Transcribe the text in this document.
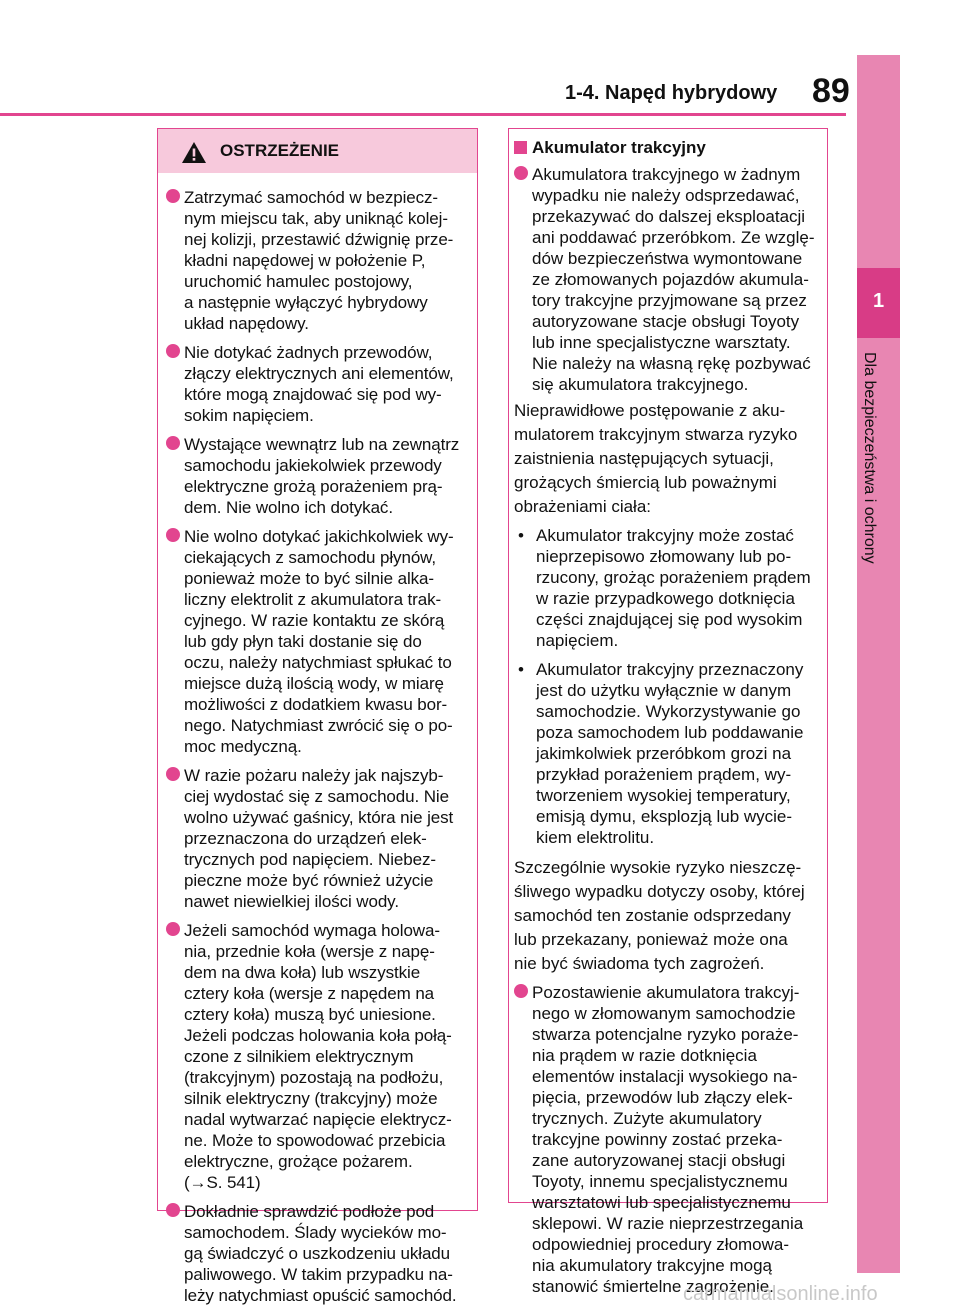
1-4. Napęd hybrydowy 89
1
Dla bezpieczeństwa i ochrony
OSTRZEŻENIE
Zatrzymać samochód w bezpiecz-
nym miejscu tak, aby uniknąć kolej-
nej kolizji, przestawić dźwignię prze-
kładni napędowej w położenie P,
uruchomić hamulec postojowy,
a następnie wyłączyć hybrydowy
układ napędowy.
Nie dotykać żadnych przewodów,
złączy elektrycznych ani elementów,
które mogą znajdować się pod wy-
sokim napięciem.
Wystające wewnątrz lub na zewnątrz
samochodu jakiekolwiek przewody
elektryczne grożą porażeniem prą-
dem. Nie wolno ich dotykać.
Nie wolno dotykać jakichkolwiek wy-
ciekających z samochodu płynów,
ponieważ może to być silnie alka-
liczny elektrolit z akumulatora trak-
cyjnego. W razie kontaktu ze skórą
lub gdy płyn taki dostanie się do
oczu, należy natychmiast spłukać to
miejsce dużą ilością wody, w miarę
możliwości z dodatkiem kwasu bor-
nego. Natychmiast zwrócić się o po-
moc medyczną.
W razie pożaru należy jak najszyb-
ciej wydostać się z samochodu. Nie
wolno używać gaśnicy, która nie jest
przeznaczona do urządzeń elek-
trycznych pod napięciem. Niebez-
pieczne może być również użycie
nawet niewielkiej ilości wody.
Jeżeli samochód wymaga holowa-
nia, przednie koła (wersje z napę-
dem na dwa koła) lub wszystkie
cztery koła (wersje z napędem na
cztery koła) muszą być uniesione.
Jeżeli podczas holowania koła połą-
czone z silnikiem elektrycznym
(trakcyjnym) pozostają na podłożu,
silnik elektryczny (trakcyjny) może
nadal wytwarzać napięcie elektrycz-
ne. Może to spowodować przebicia
elektryczne, grożące pożarem.
(→S. 541)
Dokładnie sprawdzić podłoże pod
samochodem. Ślady wycieków mo-
gą świadczyć o uszkodzeniu układu
paliwowego. W takim przypadku na-
leży natychmiast opuścić samochód.
Akumulator trakcyjny
Akumulatora trakcyjnego w żadnym
wypadku nie należy odsprzedawać,
przekazywać do dalszej eksploatacji
ani poddawać przeróbkom. Ze wzglę-
dów bezpieczeństwa wymontowane
ze złomowanych pojazdów akumula-
tory trakcyjne przyjmowane są przez
autoryzowane stacje obsługi Toyoty
lub inne specjalistyczne warsztaty.
Nie należy na własną rękę pozbywać
się akumulatora trakcyjnego.
Nieprawidłowe postępowanie z aku-
mulatorem trakcyjnym stwarza ryzyko
zaistnienia następujących sytuacji,
grożących śmiercią lub poważnymi
obrażeniami ciała:
• Akumulator trakcyjny może zostać
nieprzepisowo złomowany lub po-
rzucony, grożąc porażeniem prądem
w razie przypadkowego dotknięcia
części znajdującej się pod wysokim
napięciem.
• Akumulator trakcyjny przeznaczony
jest do użytku wyłącznie w danym
samochodzie. Wykorzystywanie go
poza samochodem lub poddawanie
jakimkolwiek przeróbkom grozi na
przykład porażeniem prądem, wy-
tworzeniem wysokiej temperatury,
emisją dymu, eksplozją lub wycie-
kiem elektrolitu.
Szczególnie wysokie ryzyko nieszczę-
śliwego wypadku dotyczy osoby, której
samochód ten zostanie odsprzedany
lub przekazany, ponieważ może ona
nie być świadoma tych zagrożeń.
Pozostawienie akumulatora trakcyj-
nego w złomowanym samochodzie
stwarza potencjalne ryzyko poraże-
nia prądem w razie dotknięcia
elementów instalacji wysokiego na-
pięcia, przewodów lub złączy elek-
trycznych. Zużyte akumulatory
trakcyjne powinny zostać przeka-
zane autoryzowanej stacji obsługi
Toyoty, innemu specjalistycznemu
warsztatowi lub specjalistycznemu
sklepowi. W razie nieprzestrzegania
odpowiedniej procedury złomowa-
nia akumulatory trakcyjne mogą
stanowić śmiertelne zagrożenie.
carmanualsonline.info
